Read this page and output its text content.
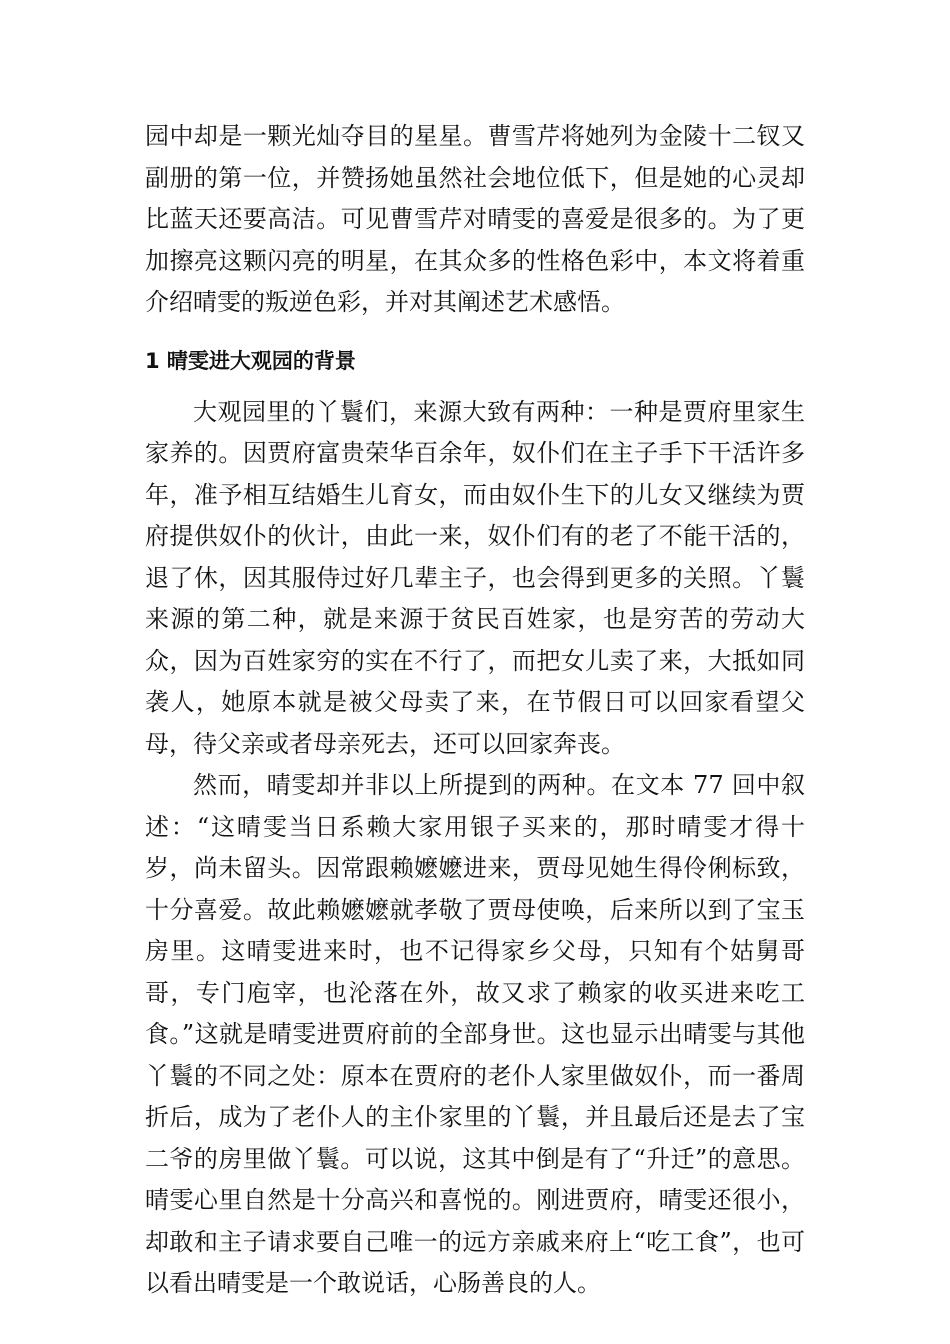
园中却是一颗光灿夺目的星星。曹雪芹将她列为金陵十二钗又副册的第一位，并赞扬她虽然社会地位低下，但是她的心灵却比蓝天还要高洁。可见曹雪芹对晴雯的喜爱是很多的。为了更加擦亮这颗闪亮的明星，在其众多的性格色彩中，本文将着重介绍晴雯的叛逆色彩，并对其阐述艺术感悟。

1 晴雯进大观园的背景

大观园里的丫鬟们，来源大致有两种：一种是贾府里家生家养的。因贾府富贵荣华百余年，奴仆们在主子手下干活许多年，准予相互结婚生儿育女，而由奴仆生下的儿女又继续为贾府提供奴仆的伙计，由此一来，奴仆们有的老了不能干活的，退了休，因其服侍过好几辈主子，也会得到更多的关照。丫鬟来源的第二种，就是来源于贫民百姓家，也是穷苦的劳动大众，因为百姓家穷的实在不行了，而把女儿卖了来，大抵如同袭人，她原本就是被父母卖了来，在节假日可以回家看望父母，待父亲或者母亲死去，还可以回家奔丧。

然而，晴雯却并非以上所提到的两种。在文本 77 回中叙述：“这晴雯当日系赖大家用银子买来的，那时晴雯才得十岁，尚未留头。因常跟赖嬷嬷进来，贾母见她生得伶俐标致，十分喜爱。故此赖嬷嬷就孝敬了贾母使唤，后来所以到了宝玉房里。这晴雯进来时，也不记得家乡父母，只知有个姑舅哥哥，专门庖宰，也沦落在外，故又求了赖家的收买进来吃工食。”这就是晴雯进贾府前的全部身世。这也显示出晴雯与其他丫鬟的不同之处：原本在贾府的老仆人家里做奴仆，而一番周折后，成为了老仆人的主仆家里的丫鬟，并且最后还是去了宝二爷的房里做丫鬟。可以说，这其中倒是有了“升迁”的意思。晴雯心里自然是十分高兴和喜悦的。刚进贾府，晴雯还很小，却敢和主子请求要自己唯一的远方亲戚来府上“吃工食”，也可以看出晴雯是一个敢说话，心肠善良的人。
